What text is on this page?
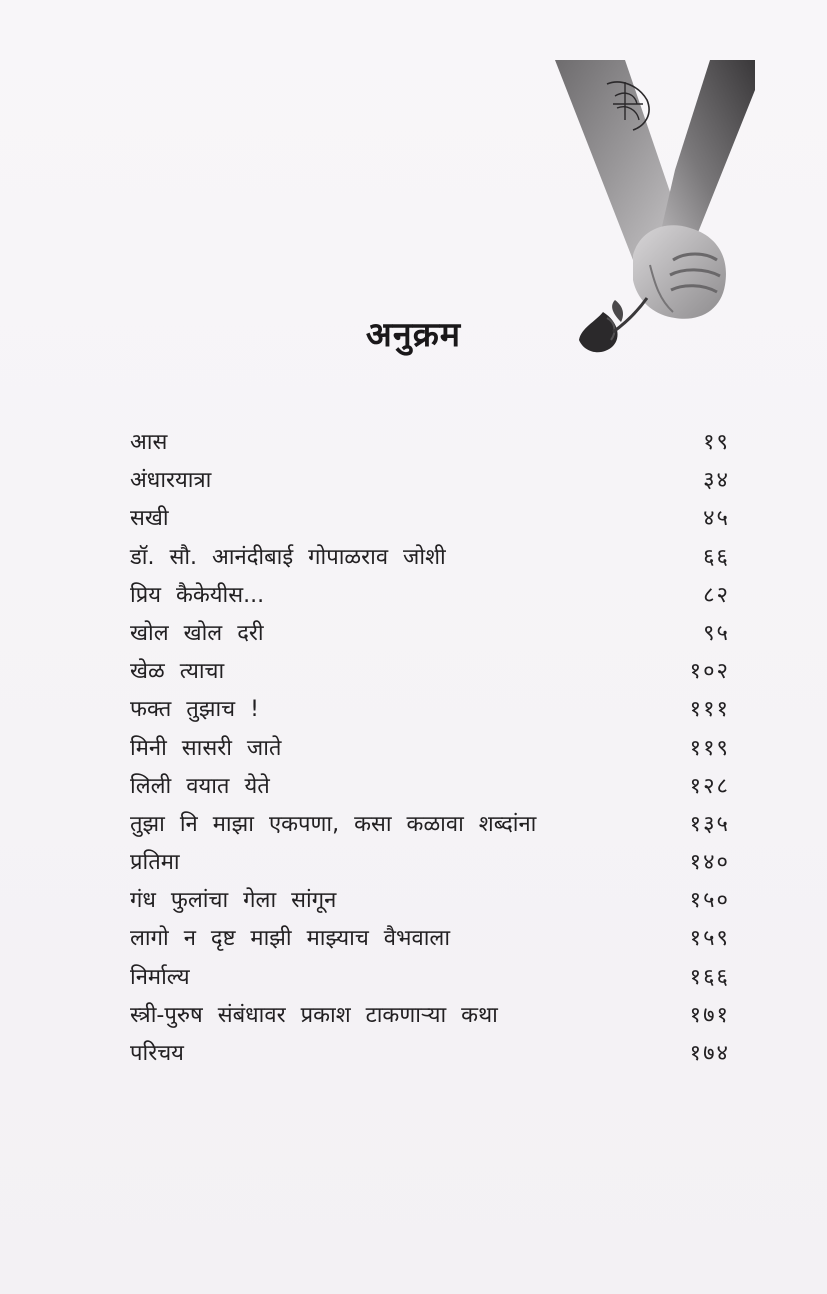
अनुक्रम
आस	१९
अंधारयात्रा	३४
सखी	४५
डॉ. सौ. आनंदीबाई गोपाळराव जोशी	६६
प्रिय कैकेयीस...	८२
खोल खोल दरी	९५
खेळ त्याचा	१०२
फक्त तुझाच !	१११
मिनी सासरी जाते	११९
लिली वयात येते	१२८
तुझा नि माझा एकपणा, कसा कळावा शब्दांना	१३५
प्रतिमा	१४०
गंध फुलांचा गेला सांगून	१५०
लागो न दृष्ट माझी माझ्याच वैभवाला	१५९
निर्माल्य	१६६
स्त्री-पुरुष संबंधावर प्रकाश टाकणाऱ्या कथा	१७१
परिचय	१७४
